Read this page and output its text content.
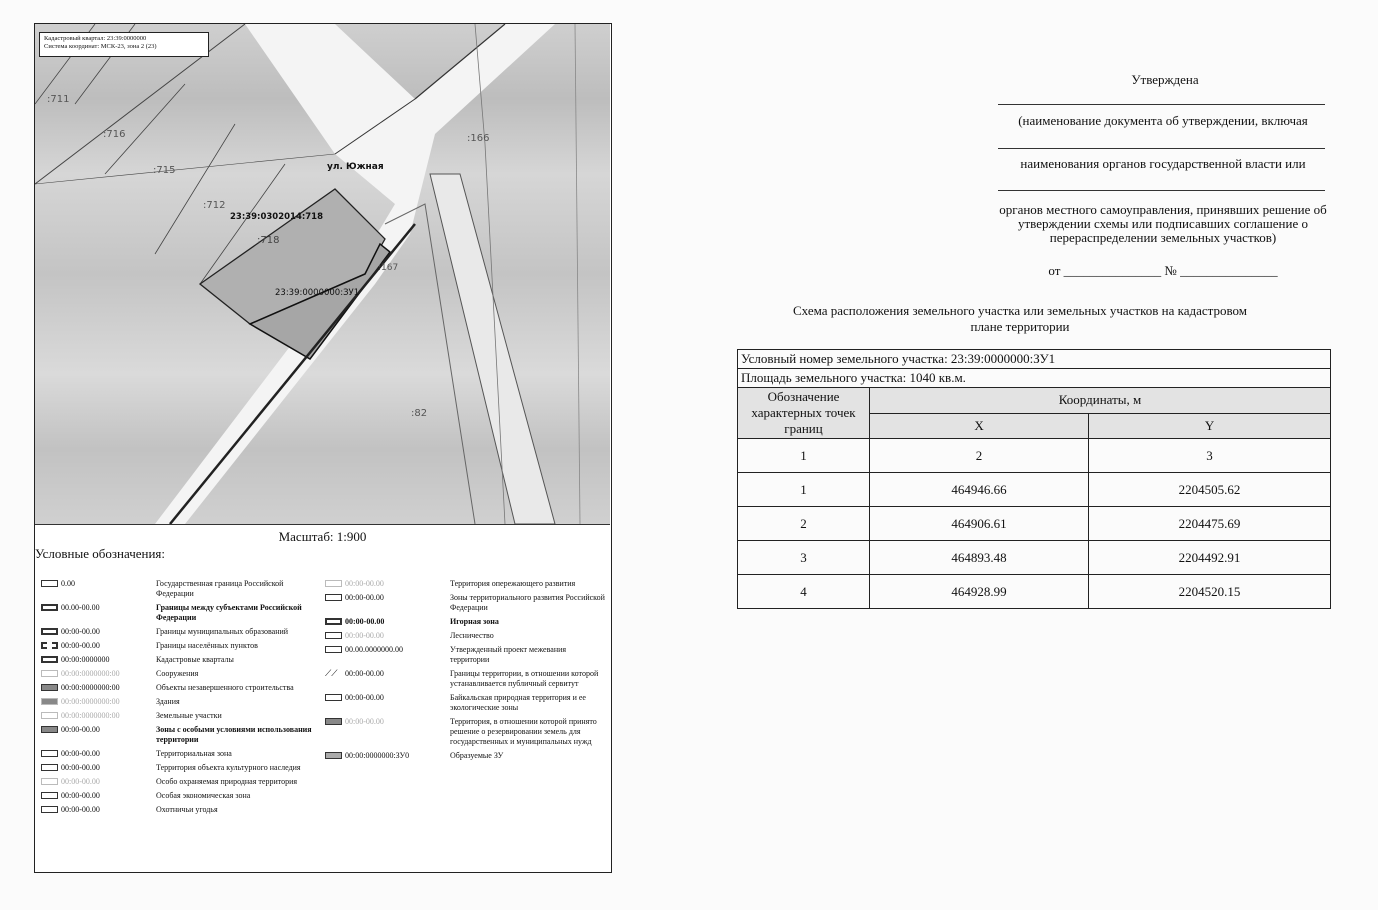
:711
:716
:715
:712
:718
:166
:167
:82
ул. Южная
23:39:0302014:718
23:39:0000000:ЗУ1
Кадастровый квартал: 23:39:0000000
Система координат: МСК-23, зона 2 (23)
Масштаб: 1:900
Условные обозначения:
0.00	Государственная граница Российской Федерации
00.00-00.00	Границы между субъектами Российской Федерации
00:00-00.00	Границы муниципальных образований
00:00-00.00	Границы населённых пунктов
00:00:0000000	Кадастровые кварталы
00:00:0000000:00	Сооружения
00:00:0000000:00	Объекты незавершенного строительства
00:00:0000000:00	Здания
00:00:0000000:00	Земельные участки
00:00-00.00	Зоны с особыми условиями использования территории
00:00-00.00	Территориальная зона
00:00-00.00	Территория объекта культурного наследия
00:00-00.00	Особо охраняемая природная территория
00:00-00.00	Особая экономическая зона
00:00-00.00	Охотничьи угодья
00:00-00.00	Территория опережающего развития
00:00-00.00	Зоны территориального развития Российской Федерации
00:00-00.00	Игорная зона
00:00-00.00	Лесничество
00.00.0000000.00	Утвержденный проект межевания территории
⟋⟋ 00:00-00.00	Границы территории, в отношении которой устанавливается публичный сервитут
00:00-00.00	Байкальская природная территория и ее экологические зоны
00:00-00.00	Территория, в отношении которой принято решение о резервировании земель для государственных и муниципальных нужд
00:00:0000000:ЗУ0	Образуемые ЗУ
Утверждена
(наименование документа об утверждении, включая
наименования органов государственной власти или
органов местного самоуправления, принявших решение об утверждении схемы или подписавших соглашение о перераспределении земельных участков)
от _______________ № _______________
Схема расположения земельного участка или земельных участков на кадастровом плане территории
Условный номер земельного участка: 23:39:0000000:ЗУ1		
Площадь земельного участка: 1040 кв.м.		
Обозначение характерных точек границ	Координаты, м	
	X	Y
1	2	3
1	464946.66	2204505.62
2	464906.61	2204475.69
3	464893.48	2204492.91
4	464928.99	2204520.15
